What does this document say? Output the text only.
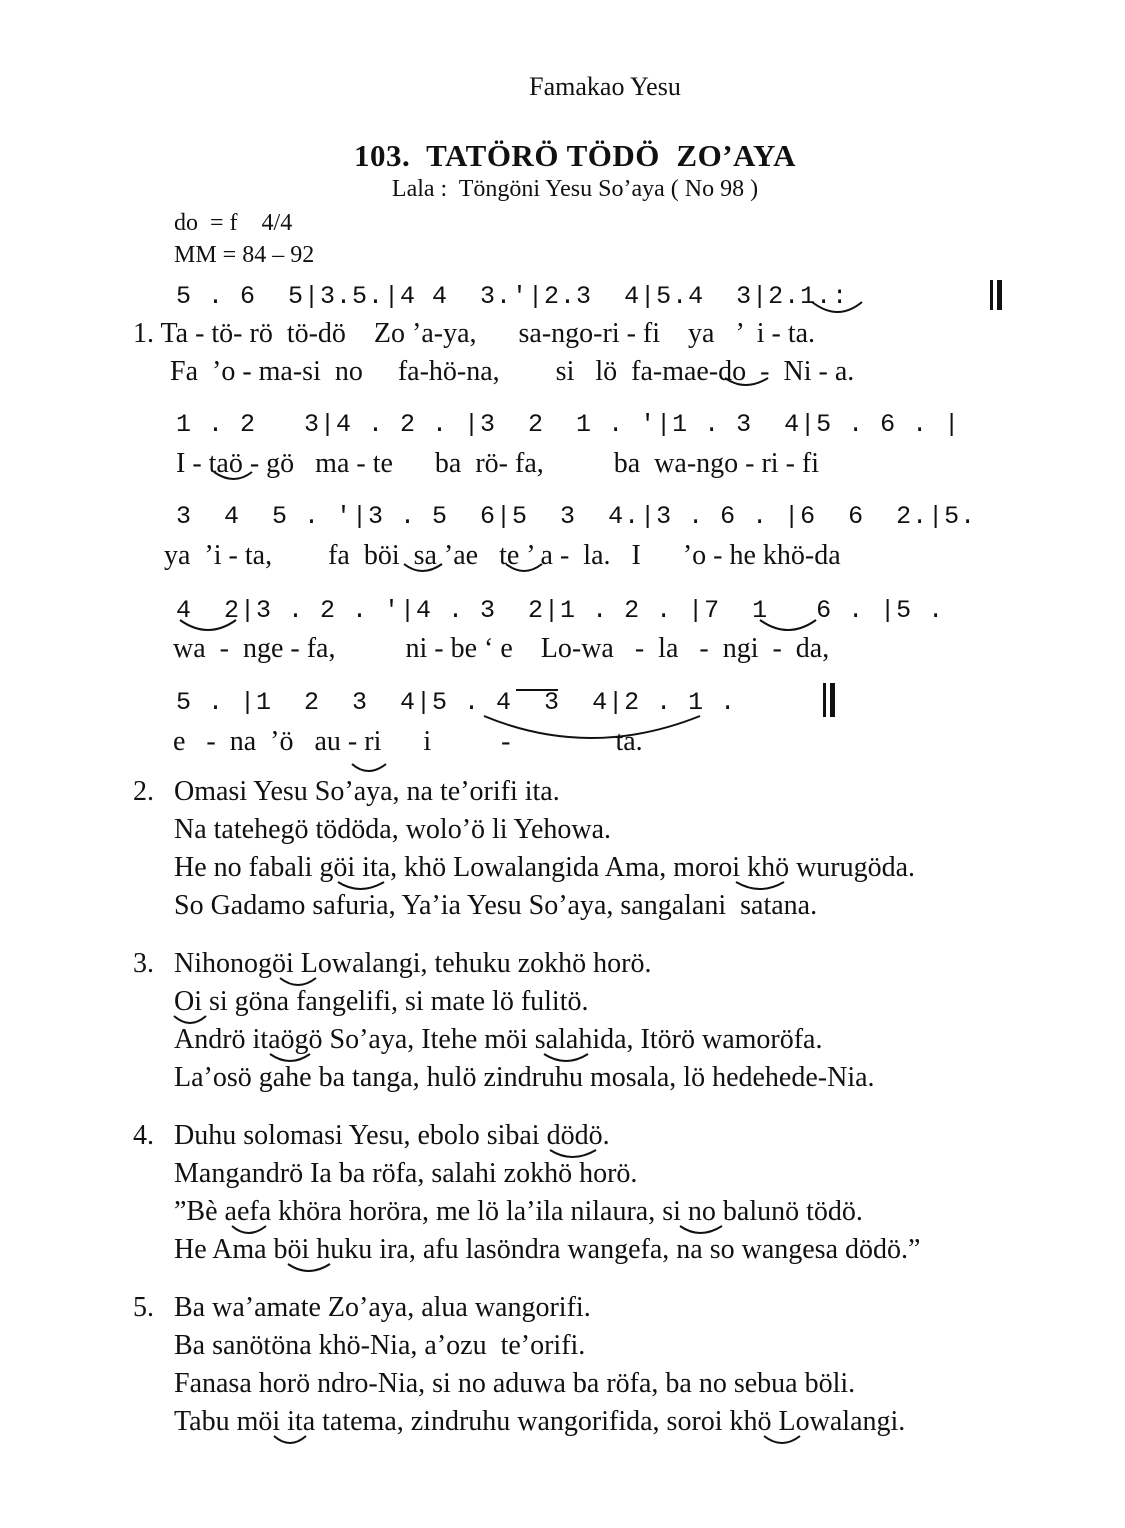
Famakao Yesu
103.  TATÖRÖ TÖDÖ  ZO’AYA
Lala :  Töngöni Yesu So’aya ( No 98 )
do  = f    4/4
MM = 84 – 92
5 . 6  5|3.5.|4 4  3.'|2.3  4|5.4  3|2.1.:
1. Ta - tö- rö  tö-dö    Zo ’a-ya,      sa-ngo-ri - fi    ya   ’  i - ta.
Fa  ’o - ma-si  no     fa-hö-na,        si   lö  fa-mae-do  -  Ni - a.
1 . 2   3|4 . 2 . |3  2  1 . '|1 . 3  4|5 . 6 . |
I - taö - gö   ma - te      ba  rö- fa,          ba  wa-ngo - ri - fi
3  4  5 . '|3 . 5  6|5  3  4.|3 . 6 . |6  6  2.|5.
ya  ’i - ta,        fa  böi  sa ’ae   te ’ a -  la.   I      ’o - he khö-da
4  2|3 . 2 . '|4 . 3  2|1 . 2 . |7  1   6 . |5 .
wa  -  nge - fa,          ni - be ‘ e    Lo-wa   -  la   -  ngi  -  da,
5 . |1  2  3  4|5 . 4  3  4|2 . 1 .
e   -  na  ’ö   au - ri      i          -               ta.
2. Omasi Yesu So’aya, na te’orifi ita.
Na tatehegö tödöda, wolo’ö li Yehowa.
He no fabali göi ita, khö Lowalangida Ama, moroi khö wurugöda.
So Gadamo safuria, Ya’ia Yesu So’aya, sangalani  satana.
3. Nihonogöi Lowalangi, tehuku zokhö horö.
Oi si göna fangelifi, si mate lö fulitö.
Andrö itaögö So’aya, Itehe möi salahida, Itörö wamoröfa.
La’osö gahe ba tanga, hulö zindruhu mosala, lö hedehede-Nia.
4. Duhu solomasi Yesu, ebolo sibai dödö.
Mangandrö Ia ba röfa, salahi zokhö horö.
”Bè aefa khöra horöra, me lö la’ila nilaura, si no balunö tödö.
He Ama böi huku ira, afu lasöndra wangefa, na so wangesa dödö.”
5. Ba wa’amate Zo’aya, alua wangorifi.
Ba sanötöna khö-Nia, a’ozu  te’orifi.
Fanasa horö ndro-Nia, si no aduwa ba röfa, ba no sebua böli.
Tabu möi ita tatema, zindruhu wangorifida, soroi khö Lowalangi.
